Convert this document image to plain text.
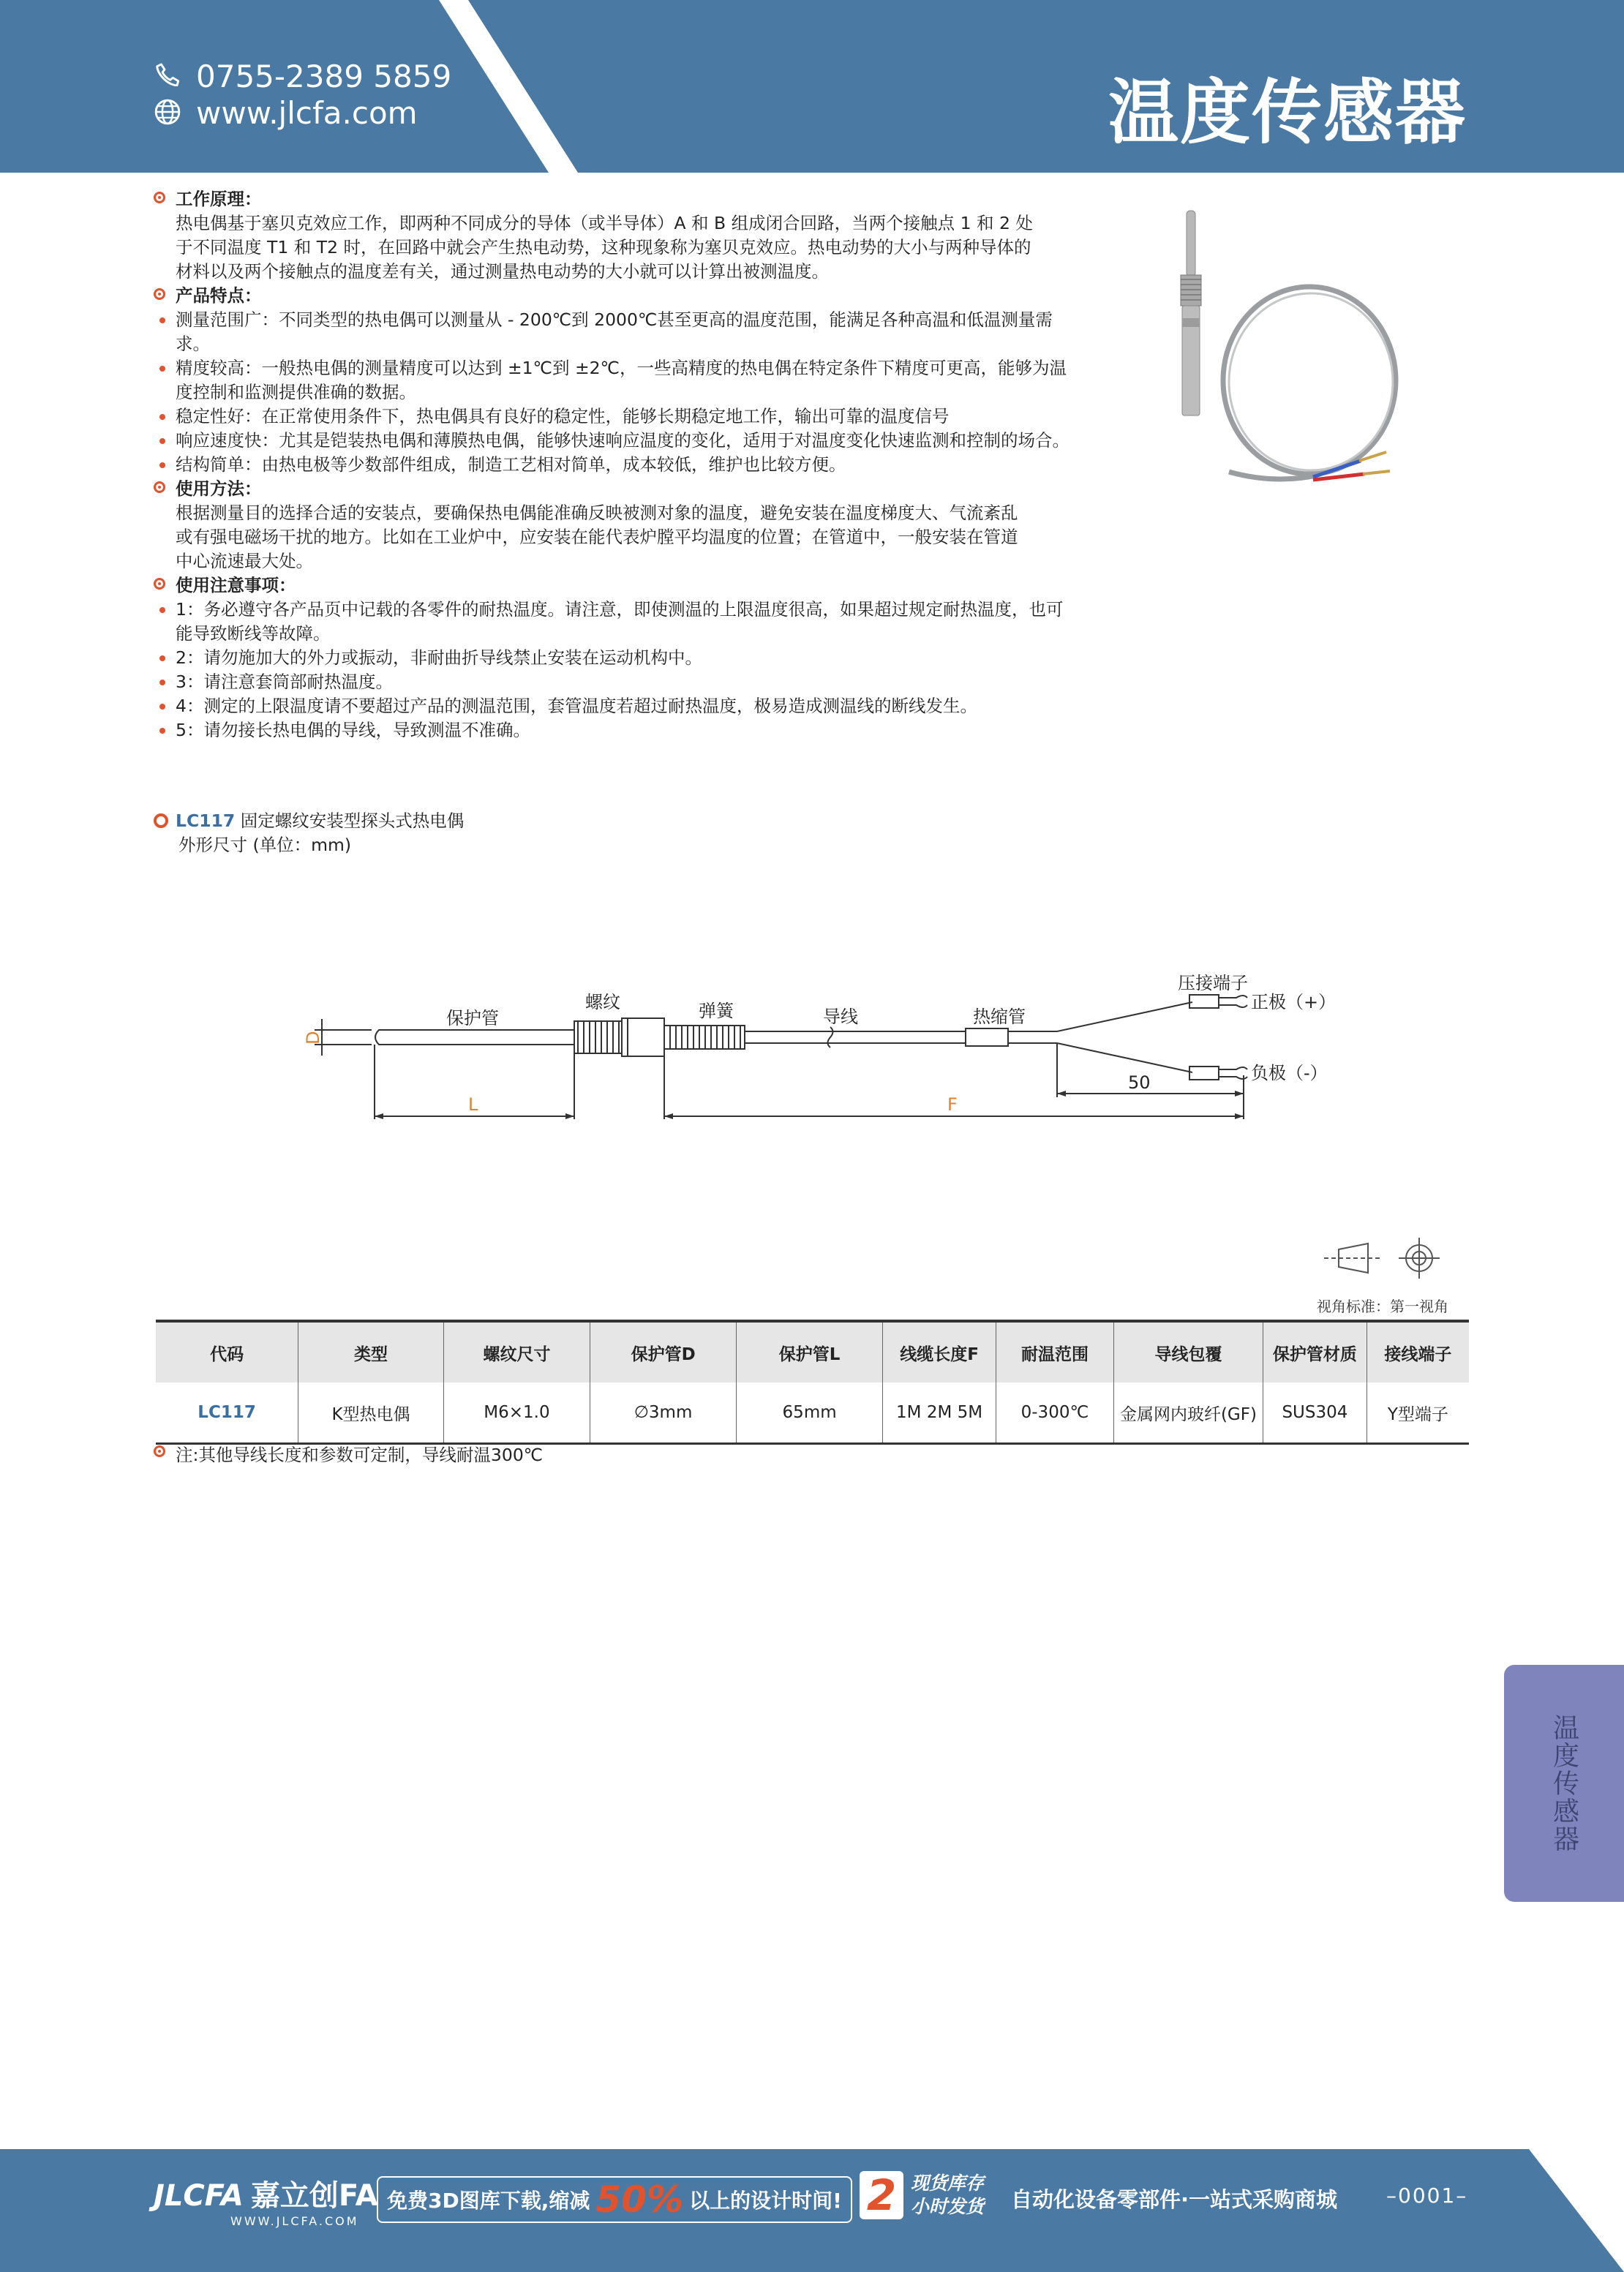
0755-2389 5859
www.jlcfa.com	温度传感器
工作原理：
热电偶基于塞贝克效应工作，即两种不同成分的导体（或半导体）A 和 B 组成闭合回路，当两个接触点 1 和 2 处
于不同温度 T1 和 T2 时，在回路中就会产生热电动势，这种现象称为塞贝克效应。热电动势的大小与两种导体的
材料以及两个接触点的温度差有关，通过测量热电动势的大小就可以计算出被测温度。
产品特点：
测量范围广：不同类型的热电偶可以测量从 - 200℃到 2000℃甚至更高的温度范围，能满足各种高温和低温测量需求。
精度较高：一般热电偶的测量精度可以达到 ±1℃到 ±2℃，一些高精度的热电偶在特定条件下精度可更高，能够为温度控制和监测提供准确的数据。
稳定性好：在正常使用条件下，热电偶具有良好的稳定性，能够长期稳定地工作，输出可靠的温度信号
响应速度快：尤其是铠装热电偶和薄膜热电偶，能够快速响应温度的变化，适用于对温度变化快速监测和控制的场合。
结构简单：由热电极等少数部件组成，制造工艺相对简单，成本较低，维护也比较方便。
使用方法：
根据测量目的选择合适的安装点，要确保热电偶能准确反映被测对象的温度，避免安装在温度梯度大、气流紊乱
或有强电磁场干扰的地方。比如在工业炉中，应安装在能代表炉膛平均温度的位置；在管道中，一般安装在管道
中心流速最大处。
使用注意事项：
1：务必遵守各产品页中记载的各零件的耐热温度。请注意，即使测温的上限温度很高，如果超过规定耐热温度，也可能导致断线等故障。
2：请勿施加大的外力或振动，非耐曲折导线禁止安装在运动机构中。
3：请注意套筒部耐热温度。
4：测定的上限温度请不要超过产品的测温范围，套管温度若超过耐热温度，极易造成测温线的断线发生。
5：请勿接长热电偶的导线，导致测温不准确。
LC117 固定螺纹安装型探头式热电偶
外形尺寸 (单位：mm)
保护管
螺纹	弹簧	导线	热缩管
压接端子
正极（+）
负极（-）
50
D
L	F
视角标准：第一视角
代码	类型	螺纹尺寸	保护管D	保护管L	线缆长度F	耐温范围	导线包覆	保护管材质	接线端子
LC117	K型热电偶	M6×1.0	∅3mm	65mm	1M 2M 5M	0-300℃	金属网内玻纤(GF)	SUS304	Y型端子
注:其他导线长度和参数可定制，导线耐温300℃
温度传感器
JLCFA 嘉立创FA
WWW.JLCFA.COM
免费3D图库下载,缩减 50% 以上的设计时间! 2 现货库存
小时发货 自动化设备零部件·一站式采购商城 –0001–
